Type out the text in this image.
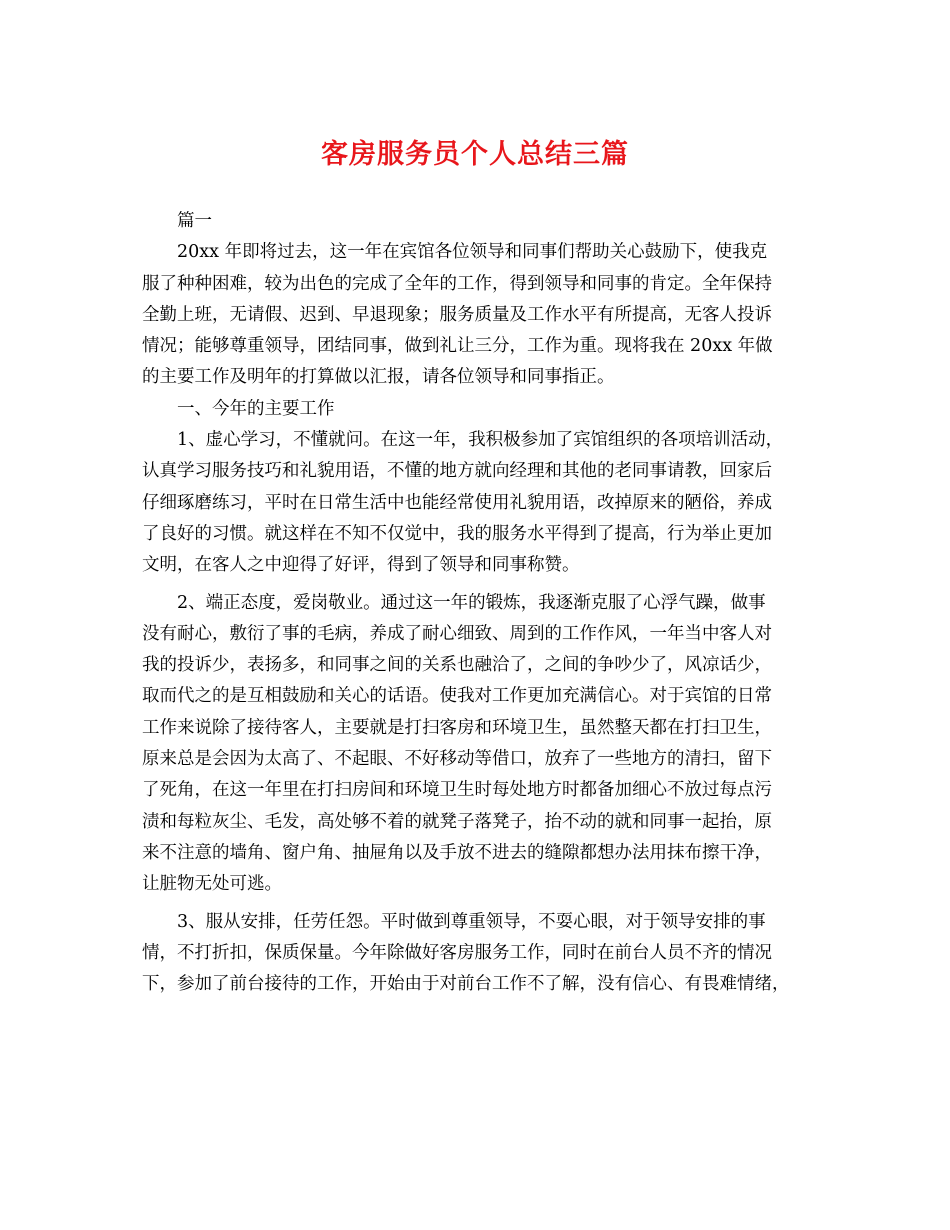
客房服务员个人总结三篇
篇一
20xx 年即将过去，这一年在宾馆各位领导和同事们帮助关心鼓励下，使我克
服了种种困难，较为出色的完成了全年的工作，得到领导和同事的肯定。全年保持
全勤上班，无请假、迟到、早退现象；服务质量及工作水平有所提高，无客人投诉
情况；能够尊重领导，团结同事，做到礼让三分，工作为重。现将我在 20xx 年做
的主要工作及明年的打算做以汇报，请各位领导和同事指正。
一、今年的主要工作
1、虚心学习，不懂就问。在这一年，我积极参加了宾馆组织的各项培训活动，
认真学习服务技巧和礼貌用语，不懂的地方就向经理和其他的老同事请教，回家后
仔细琢磨练习，平时在日常生活中也能经常使用礼貌用语，改掉原来的陋俗，养成
了良好的习惯。就这样在不知不仅觉中，我的服务水平得到了提高，行为举止更加
文明，在客人之中迎得了好评，得到了领导和同事称赞。
2、端正态度，爱岗敬业。通过这一年的锻炼，我逐渐克服了心浮气躁，做事
没有耐心，敷衍了事的毛病，养成了耐心细致、周到的工作作风，一年当中客人对
我的投诉少，表扬多，和同事之间的关系也融洽了，之间的争吵少了，风凉话少，
取而代之的是互相鼓励和关心的话语。使我对工作更加充满信心。对于宾馆的日常
工作来说除了接待客人，主要就是打扫客房和环境卫生，虽然整天都在打扫卫生，
原来总是会因为太高了、不起眼、不好移动等借口，放弃了一些地方的清扫，留下
了死角，在这一年里在打扫房间和环境卫生时每处地方时都备加细心不放过每点污
渍和每粒灰尘、毛发，高处够不着的就凳子落凳子，抬不动的就和同事一起抬，原
来不注意的墙角、窗户角、抽屉角以及手放不进去的缝隙都想办法用抹布擦干净，
让脏物无处可逃。
3、服从安排，任劳任怨。平时做到尊重领导，不耍心眼，对于领导安排的事
情，不打折扣，保质保量。今年除做好客房服务工作，同时在前台人员不齐的情况
下，参加了前台接待的工作，开始由于对前台工作不了解，没有信心、有畏难情绪，
